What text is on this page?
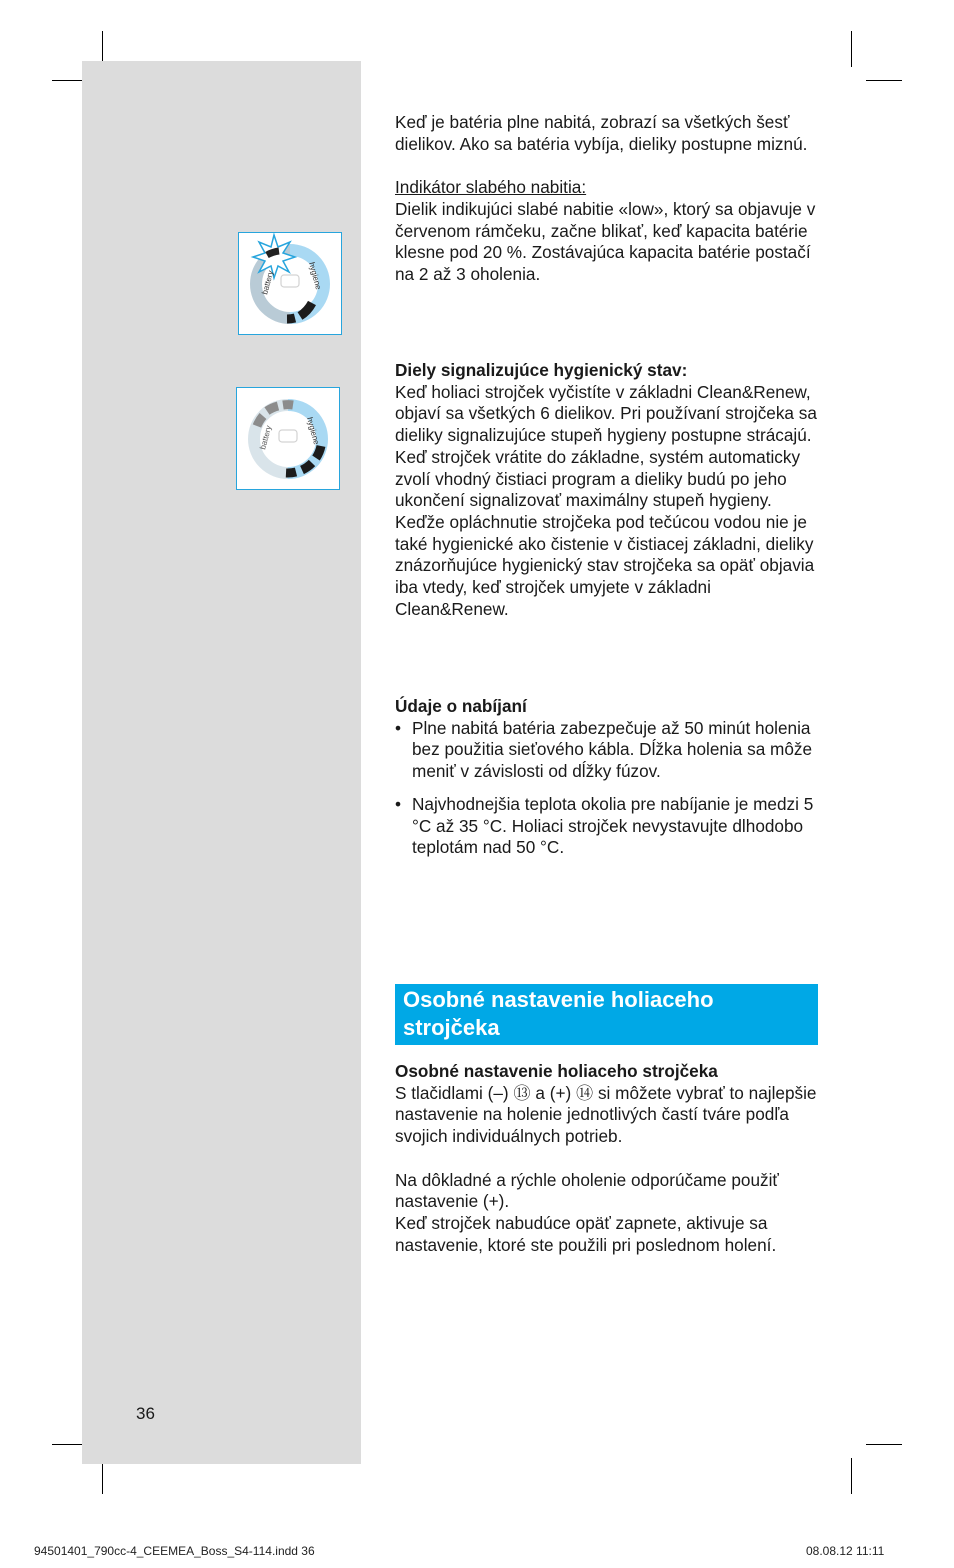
battery	hygiene
battery	hygiene

Keď je batéria plne nabitá, zobrazí sa všetkých šesť dielikov. Ako sa batéria vybíja, dieliky postupne miznú.

Indikátor slabého nabitia:

Dielik indikujúci slabé nabitie «low», ktorý sa objavuje v červenom rámčeku, začne blikať, keď kapacita batérie klesne pod 20 %. Zostávajúca kapacita batérie postačí na 2 až 3 oholenia.

Diely signalizujúce hygienický stav:

Keď holiaci strojček vyčistíte v základni Clean&Renew, objaví sa všetkých 6 dielikov. Pri používaní strojčeka sa dieliky signalizujúce stupeň hygieny postupne strácajú. Keď strojček vrátite do základne, systém automaticky zvolí vhodný čistiaci program a dieliky budú po jeho ukončení signalizovať maximálny stupeň hygieny. Keďže opláchnutie strojčeka pod tečúcou vodou nie je také hygienické ako čistenie v čistiacej základni, dieliky znázorňujúce hygienický stav strojčeka sa opäť objavia iba vtedy, keď strojček umyjete v základni Clean&Renew.

Údaje o nabíjaní

• Plne nabitá batéria zabezpečuje až 50 minút holenia bez použitia sieťového kábla. Dĺžka holenia sa môže meniť v závislosti od dĺžky fúzov.
• Najvhodnejšia teplota okolia pre nabíjanie je medzi 5 °C až 35 °C. Holiaci strojček nevystavujte dlhodobo teplotám nad 50 °C.
Osobné nastavenie holiaceho strojčeka

Osobné nastavenie holiaceho strojčeka

S tlačidlami (–) ⑬ a (+) ⑭ si môžete vybrať to najlepšie nastavenie na holenie jednotlivých častí tváre podľa svojich individuálnych potrieb.

Na dôkladné a rýchle oholenie odporúčame použiť nastavenie (+).

Keď strojček nabudúce opäť zapnete, aktivuje sa nastavenie, ktoré ste použili pri poslednom holení.

36
94501401_790cc-4_CEEMEA_Boss_S4-114.indd 36	08.08.12 11:11
